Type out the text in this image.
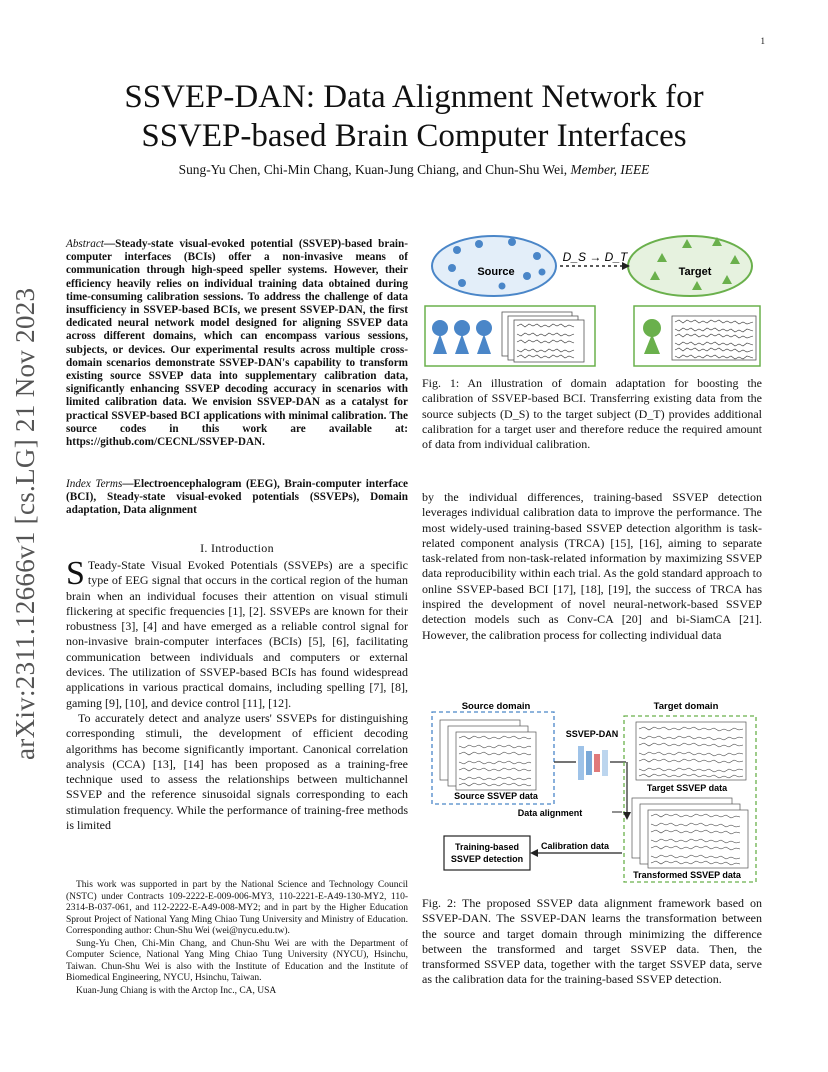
1
arXiv:2311.12666v1 [cs.LG] 21 Nov 2023
SSVEP-DAN: Data Alignment Network for
SSVEP-based Brain Computer Interfaces
Sung-Yu Chen, Chi-Min Chang, Kuan-Jung Chiang, and Chun-Shu Wei, Member, IEEE
Abstract—Steady-state visual-evoked potential (SSVEP)-based brain-computer interfaces (BCIs) offer a non-invasive means of communication through high-speed speller systems. However, their efficiency heavily relies on individual training data obtained during time-consuming calibration sessions. To address the challenge of data insufficiency in SSVEP-based BCIs, we present SSVEP-DAN, the first dedicated neural network model designed for aligning SSVEP data across different domains, which can encompass various sessions, subjects, or devices. Our experimental results across multiple cross-domain scenarios demonstrate SSVEP-DAN's capability to transform existing source SSVEP data into supplementary calibration data, significantly enhancing SSVEP decoding accuracy in scenarios with limited calibration data. We envision SSVEP-DAN as a catalyst for practical SSVEP-based BCI applications with minimal calibration. The source codes in this work are available at: https://github.com/CECNL/SSVEP-DAN.
Index Terms—Electroencephalogram (EEG), Brain-computer interface (BCI), Steady-state visual-evoked potentials (SSVEPs), Domain adaptation, Data alignment
I. Introduction

S Teady-State Visual Evoked Potentials (SSVEPs) are a specific type of EEG signal that occurs in the cortical region of the human brain when an individual focuses their attention on visual stimuli flickering at specific frequencies [1], [2]. SSVEPs are known for their robustness [3], [4] and have emerged as a reliable control signal for non-invasive brain-computer interfaces (BCIs) [5], [6], facilitating communication between individuals and computers or external devices. The utilization of SSVEP-based BCIs has found widespread applications in various practical domains, including spelling [7], [8], gaming [9], [10], and device control [11], [12].

To accurately detect and analyze users' SSVEPs for distinguishing corresponding stimuli, the development of efficient decoding algorithms has become significantly important. Canonical correlation analysis (CCA) [13], [14] has been proposed as a training-free technique used to assess the relationships between multichannel SSVEP and the reference sinusoidal signals corresponding to each stimulation frequency. While the performance of training-free methods is limited

This work was supported in part by the National Science and Technology Council (NSTC) under Contracts 109-2222-E-009-006-MY3, 110-2221-E-A49-130-MY2, 110-2314-B-037-061, and 112-2222-E-A49-008-MY2; and in part by the Higher Education Sprout Project of National Yang Ming Chiao Tung University and Ministry of Education. Corresponding author: Chun-Shu Wei (wei@nycu.edu.tw).

Sung-Yu Chen, Chi-Min Chang, and Chun-Shu Wei are with the Department of Computer Science, National Yang Ming Chiao Tung University (NYCU), Hsinchu, Taiwan. Chun-Shu Wei is also with the Institute of Education and the Institute of Biomedical Engineering, NYCU, Hsinchu, Taiwan.

Kuan-Jung Chiang is with the Arctop Inc., CA, USA

Source	Target
D_S → D_T
Fig. 1: An illustration of domain adaptation for boosting the calibration of SSVEP-based BCI. Transferring existing data from the source subjects (D_S) to the target subject (D_T) provides additional calibration for a target user and therefore reduce the required amount of data from individual calibration.
by the individual differences, training-based SSVEP detection leverages individual calibration data to improve the performance. The most widely-used training-based SSVEP detection algorithm is task-related component analysis (TRCA) [15], [16], aiming to separate task-related from non-task-related information by maximizing SSVEP data reproducibility within each trial. As the gold standard approach to online SSVEP-based BCI [17], [18], [19], the success of TRCA has inspired the development of novel neural-network-based SSVEP detection models such as Conv-CA [20] and bi-SiamCA [21]. However, the calibration process for collecting individual data
Source domain	Target domain
Source SSVEP data
SSVEP-DAN
Target SSVEP data
Data alignment
Transformed SSVEP data
Training-based
SSVEP detection
Calibration data
Fig. 2: The proposed SSVEP data alignment framework based on SSVEP-DAN. The SSVEP-DAN learns the transformation between the source and target domain through minimizing the difference between the transformed and target SSVEP data. Then, the transformed SSVEP data, together with the target SSVEP data, serve as the calibration data for the training-based SSVEP detection.
